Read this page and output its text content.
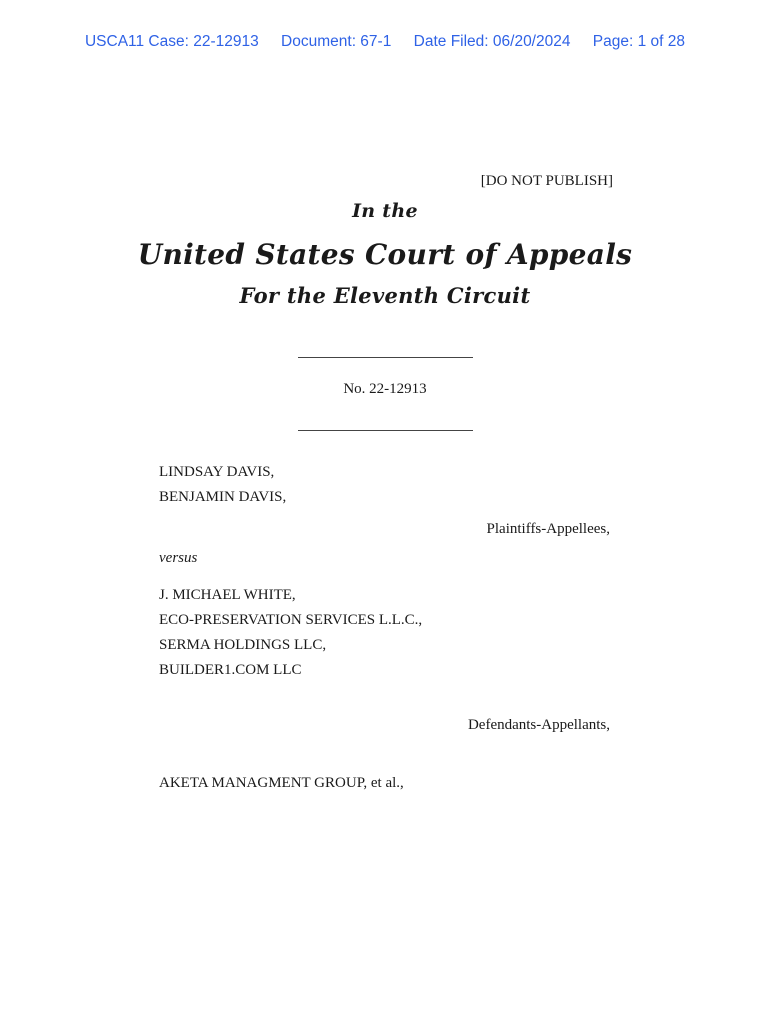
USCA11 Case: 22-12913 Document: 67-1 Date Filed: 06/20/2024 Page: 1 of 28
[DO NOT PUBLISH]
In the
United States Court of Appeals
For the Eleventh Circuit
No. 22-12913
LINDSAY DAVIS,
BENJAMIN DAVIS,
Plaintiffs-Appellees,
versus
J. MICHAEL WHITE,
ECO-PRESERVATION SERVICES L.L.C.,
SERMA HOLDINGS LLC,
BUILDER1.COM LLC
Defendants-Appellants,
AKETA MANAGMENT GROUP, et al.,
